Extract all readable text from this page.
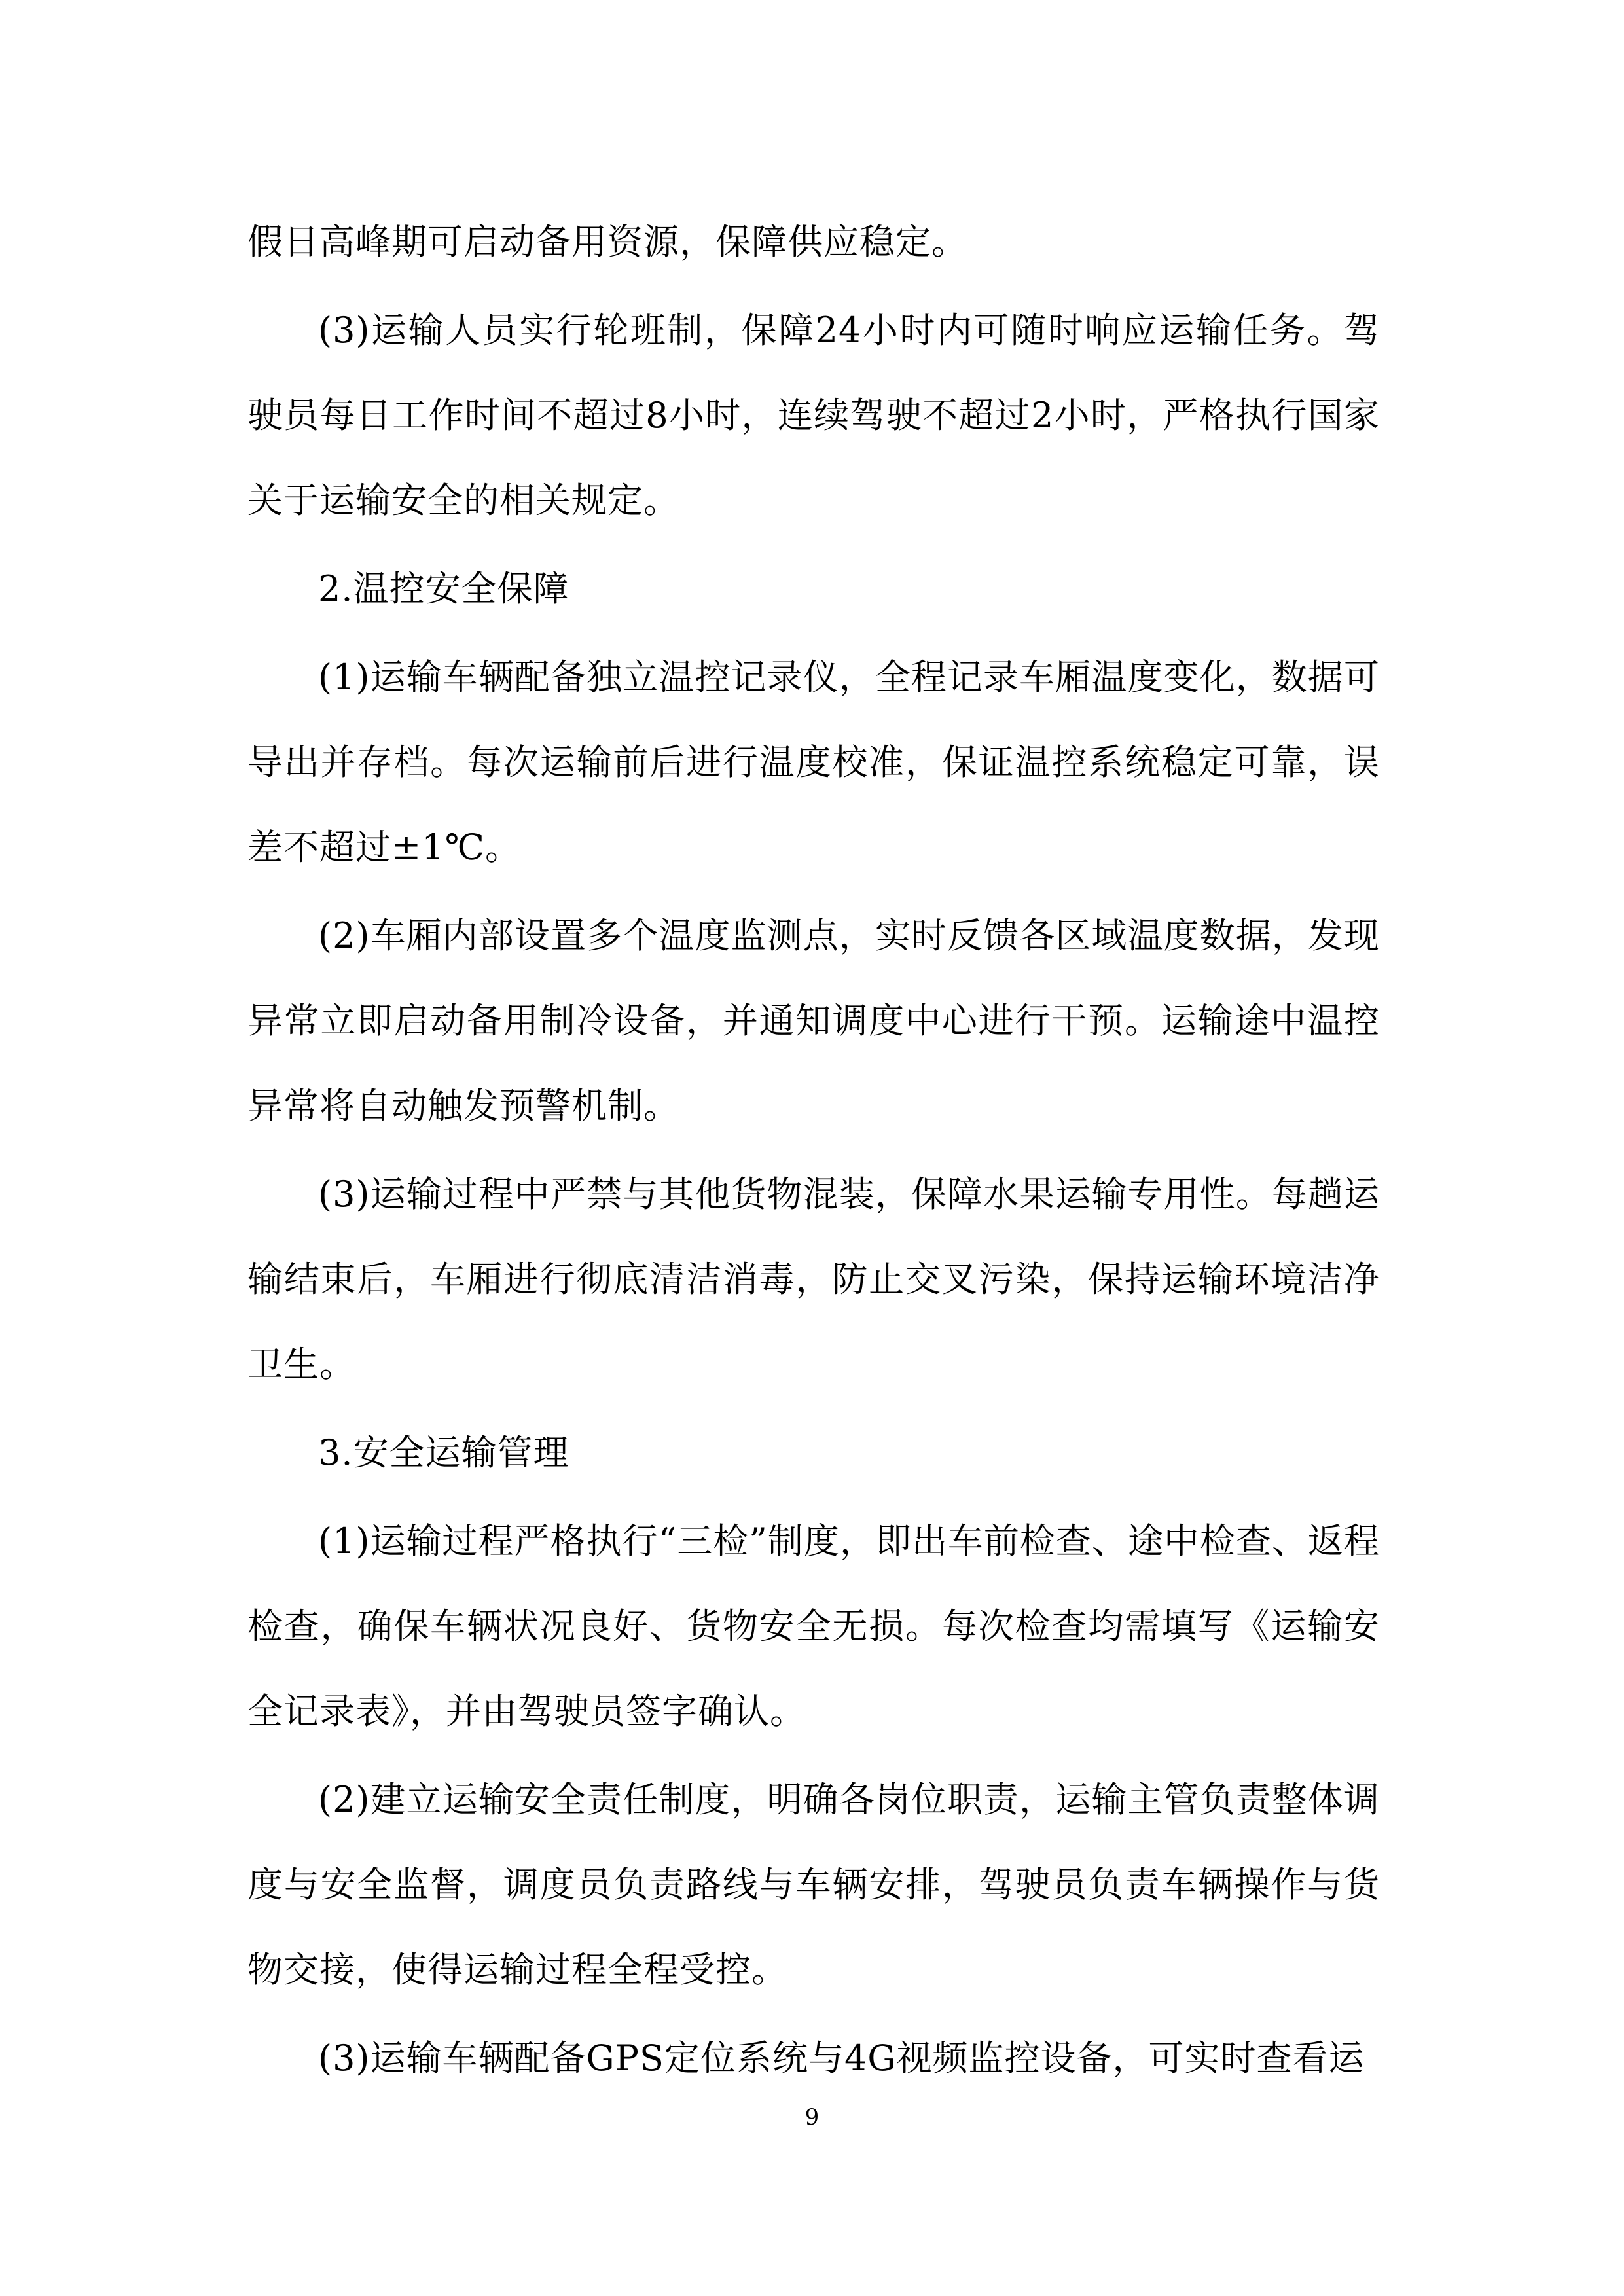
假日高峰期可启动备用资源，保障供应稳定。

(3)运输人员实行轮班制，保障24小时内可随时响应运输任务。驾驶员每日工作时间不超过8小时，连续驾驶不超过2小时，严格执行国家关于运输安全的相关规定。

2.温控安全保障

(1)运输车辆配备独立温控记录仪，全程记录车厢温度变化，数据可导出并存档。每次运输前后进行温度校准，保证温控系统稳定可靠，误差不超过±1℃。

(2)车厢内部设置多个温度监测点，实时反馈各区域温度数据，发现异常立即启动备用制冷设备，并通知调度中心进行干预。运输途中温控异常将自动触发预警机制。

(3)运输过程中严禁与其他货物混装，保障水果运输专用性。每趟运输结束后，车厢进行彻底清洁消毒，防止交叉污染，保持运输环境洁净卫生。

3.安全运输管理

(1)运输过程严格执行“三检”制度，即出车前检查、途中检查、返程检查，确保车辆状况良好、货物安全无损。每次检查均需填写《运输安全记录表》，并由驾驶员签字确认。

(2)建立运输安全责任制度，明确各岗位职责，运输主管负责整体调度与安全监督，调度员负责路线与车辆安排，驾驶员负责车辆操作与货物交接，使得运输过程全程受控。

(3)运输车辆配备GPS定位系统与4G视频监控设备，可实时查看运

9
